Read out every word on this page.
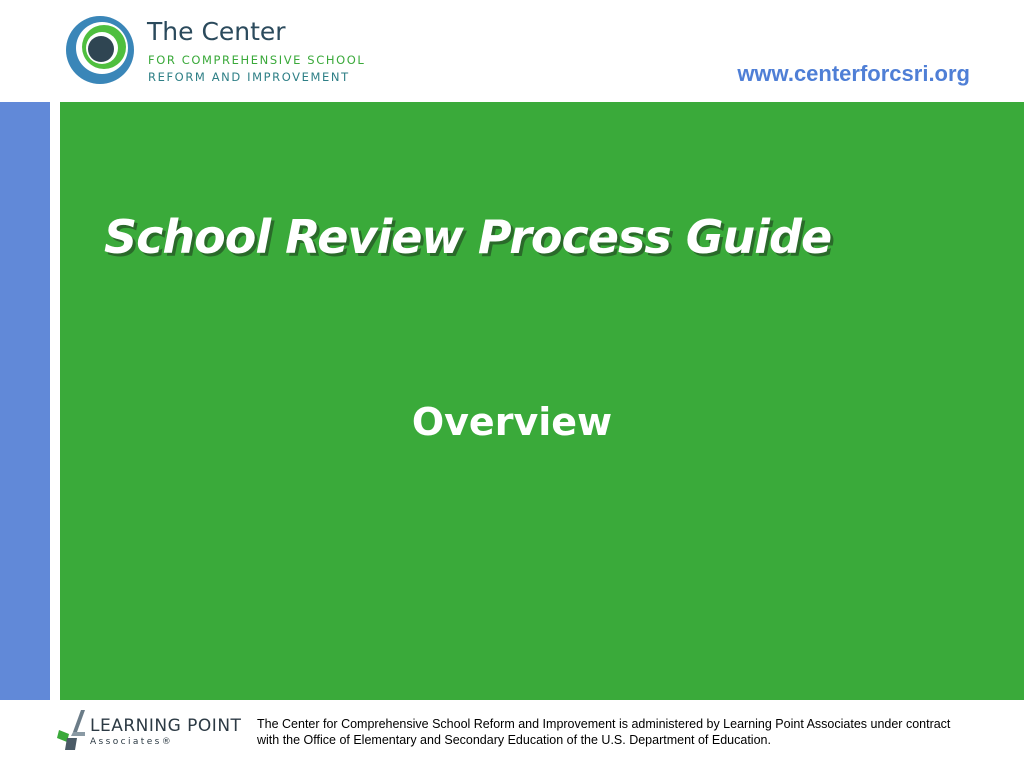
The Center
FOR COMPREHENSIVE SCHOOL
REFORM AND IMPROVEMENT	www.centerforcsri.org
School Review Process Guide
Overview
LEARNING POINT
Associates®
The Center for Comprehensive School Reform and Improvement is administered by Learning Point Associates under contract
with the Office of Elementary and Secondary Education of the U.S. Department of Education.
